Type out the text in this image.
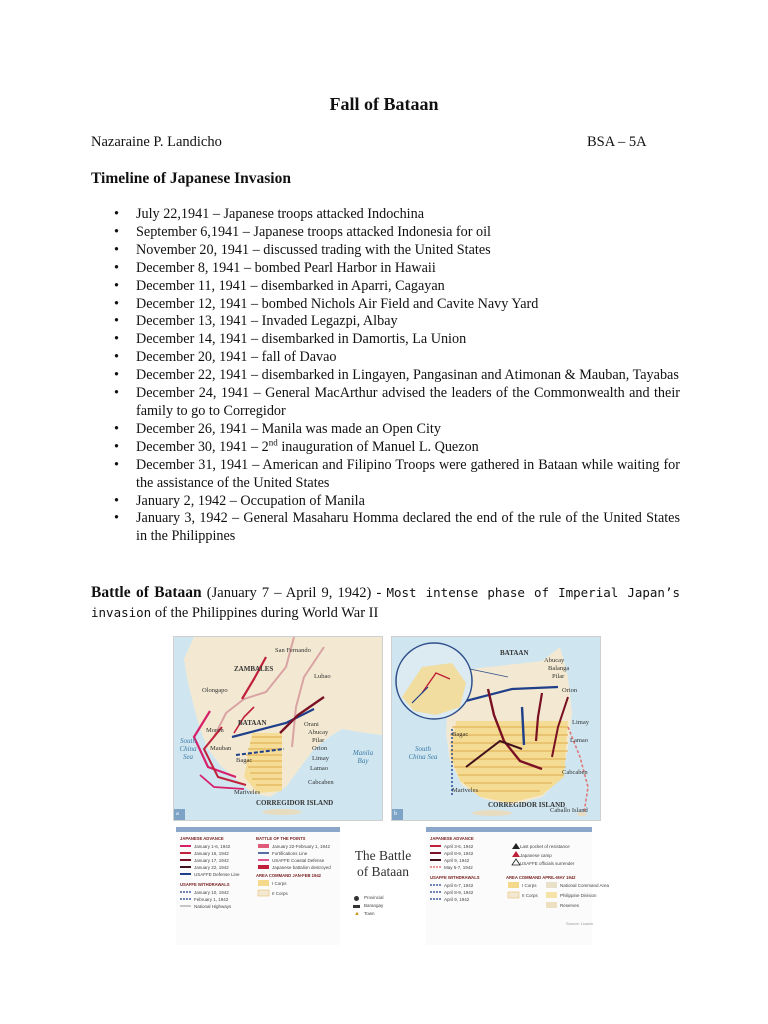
Fall of Bataan
Nazaraine P. Landicho	BSA – 5A
Timeline of Japanese Invasion
• July 22,1941 – Japanese troops attacked Indochina
• September 6,1941 – Japanese troops attacked Indonesia for oil
• November 20, 1941 – discussed trading with the United States
• December 8, 1941 – bombed Pearl Harbor in Hawaii
• December 11, 1941 – disembarked in Aparri, Cagayan
• December 12, 1941 – bombed Nichols Air Field and Cavite Navy Yard
• December 13, 1941 – Invaded Legazpi, Albay
• December 14, 1941 – disembarked in Damortis, La Union
• December 20, 1941 – fall of Davao
• December 22, 1941 – disembarked in Lingayen, Pangasinan and Atimonan & Mauban, Tayabas
• December 24, 1941 – General MacArthur advised the leaders of the Commonwealth and their family to go to Corregidor
• December 26, 1941 – Manila was made an Open City
• December 30, 1941 – 2nd inauguration of Manuel L. Quezon
• December 31, 1941 – American and Filipino Troops were gathered in Bataan while waiting for the assistance of the United States
• January 2, 1942 – Occupation of Manila
• January 3, 1942 – General Masaharu Homma declared the end of the rule of the United States in the Philippines
Battle of Bataan (January 7 – April 9, 1942) - Most intense phase of Imperial Japan’s invasion of the Philippines during World War II
San Fernando
ZAMBALES
Lubao
Olongapo
BATAAN	Orani
Abucay
Pilar
Orion
Limay
Lamao
Cabcaben
Moron
Mauban
Bagac
Mariveles
South China Sea	Manila Bay
CORREGIDOR ISLAND
a
BATAAN
Abucay
Balanga
Pilar
Orion
Limay
Lamao
Cabcaben
Bagac
Mariveles
South China Sea
CORREGIDOR ISLAND
Caballo Island
b
JAPANESE ADVANCE
January 1-6, 1942
January 16, 1942
January 17, 1942
January 22, 1942
USAFFE Defense Line
USAFFE WITHDRAWALS
January 10, 1942
February 1, 1942
National Highways
BATTLE OF THE POINTS
January 22-February 1, 1942
Fortifications Line
USAFFE Coastal Defense
Japanese battalion destroyed
AREA COMMAND JAN-FEB 1942
I Corps
II Corps
The Battle
of Bataan
JAPANESE ADVANCE
April 3-6, 1942
April 8-9, 1942
April 9, 1942
May 5-7, 1942
USAFFE WITHDRAWALS
April 6-7, 1942
April 8-9, 1942
April 9, 1942
Last pocket of resistance
Japanese camp
USAFFE officials surrender
AREA COMMAND APRIL-MAY 1942
I Corps
II Corps
National Command Area
Philippine Division
Reserves
Provincial
Barangay
Town
▲
Source: Lizada
